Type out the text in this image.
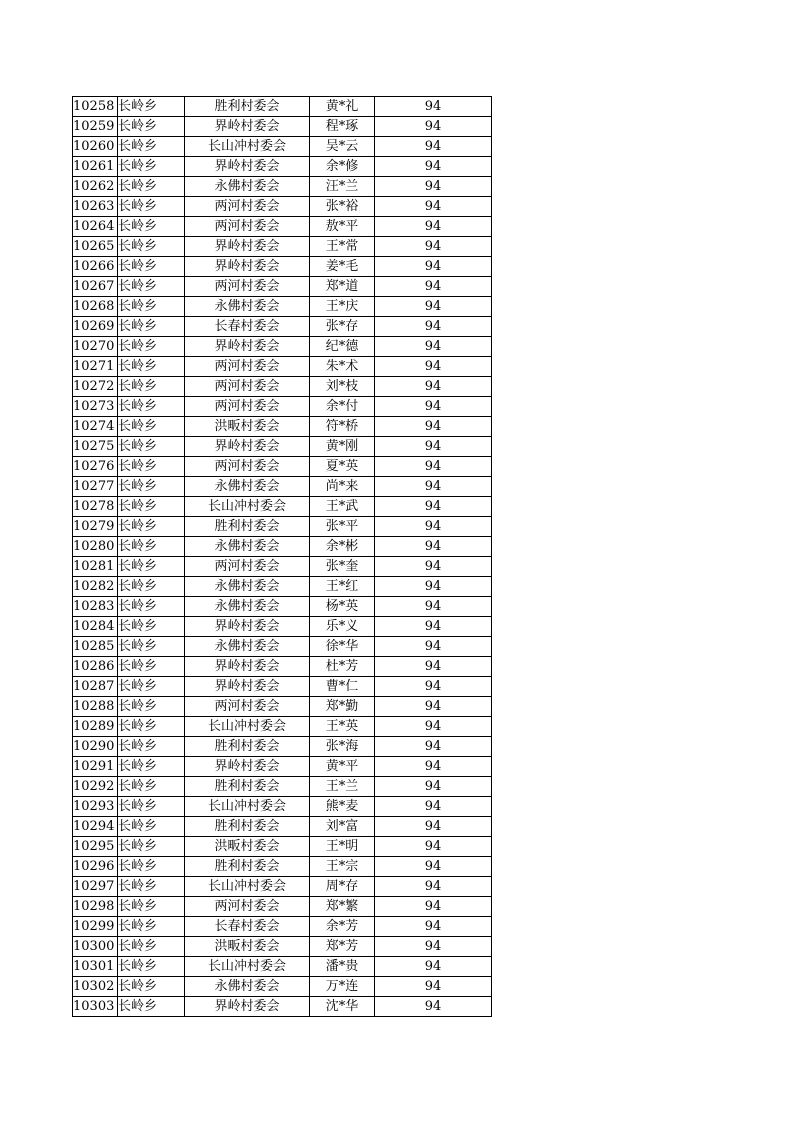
10258	长岭乡	胜利村委会	黄*礼	94
10259	长岭乡	界岭村委会	程*琢	94
10260	长岭乡	长山冲村委会	吴*云	94
10261	长岭乡	界岭村委会	余*修	94
10262	长岭乡	永佛村委会	汪*兰	94
10263	长岭乡	两河村委会	张*裕	94
10264	长岭乡	两河村委会	敖*平	94
10265	长岭乡	界岭村委会	王*常	94
10266	长岭乡	界岭村委会	姜*毛	94
10267	长岭乡	两河村委会	郑*道	94
10268	长岭乡	永佛村委会	王*庆	94
10269	长岭乡	长春村委会	张*存	94
10270	长岭乡	界岭村委会	纪*德	94
10271	长岭乡	两河村委会	朱*术	94
10272	长岭乡	两河村委会	刘*枝	94
10273	长岭乡	两河村委会	余*付	94
10274	长岭乡	洪畈村委会	符*桥	94
10275	长岭乡	界岭村委会	黄*刚	94
10276	长岭乡	两河村委会	夏*英	94
10277	长岭乡	永佛村委会	尚*来	94
10278	长岭乡	长山冲村委会	王*武	94
10279	长岭乡	胜利村委会	张*平	94
10280	长岭乡	永佛村委会	余*彬	94
10281	长岭乡	两河村委会	张*奎	94
10282	长岭乡	永佛村委会	王*红	94
10283	长岭乡	永佛村委会	杨*英	94
10284	长岭乡	界岭村委会	乐*义	94
10285	长岭乡	永佛村委会	徐*华	94
10286	长岭乡	界岭村委会	杜*芳	94
10287	长岭乡	界岭村委会	曹*仁	94
10288	长岭乡	两河村委会	郑*勤	94
10289	长岭乡	长山冲村委会	王*英	94
10290	长岭乡	胜利村委会	张*海	94
10291	长岭乡	界岭村委会	黄*平	94
10292	长岭乡	胜利村委会	王*兰	94
10293	长岭乡	长山冲村委会	熊*麦	94
10294	长岭乡	胜利村委会	刘*富	94
10295	长岭乡	洪畈村委会	王*明	94
10296	长岭乡	胜利村委会	王*宗	94
10297	长岭乡	长山冲村委会	周*存	94
10298	长岭乡	两河村委会	郑*繁	94
10299	长岭乡	长春村委会	余*芳	94
10300	长岭乡	洪畈村委会	郑*芳	94
10301	长岭乡	长山冲村委会	潘*贵	94
10302	长岭乡	永佛村委会	万*连	94
10303	长岭乡	界岭村委会	沈*华	94
